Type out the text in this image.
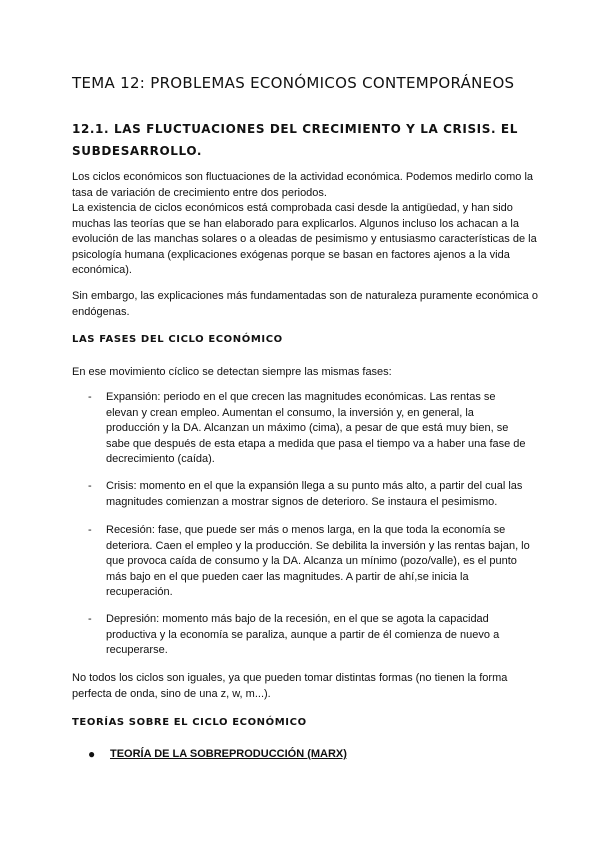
TEMA 12: PROBLEMAS ECONÓMICOS CONTEMPORÁNEOS
12.1. LAS FLUCTUACIONES DEL CRECIMIENTO Y LA CRISIS. EL SUBDESARROLLO.

Los ciclos económicos son fluctuaciones de la actividad económica. Podemos medirlo como la tasa de variación de crecimiento entre dos periodos.

La existencia de ciclos económicos está comprobada casi desde la antigüedad, y han sido muchas las teorías que se han elaborado para explicarlos. Algunos incluso los achacan a la evolución de las manchas solares o a oleadas de pesimismo y entusiasmo características de la psicología humana (explicaciones exógenas porque se basan en factores ajenos a la vida económica).

Sin embargo, las explicaciones más fundamentadas son de naturaleza puramente económica o endógenas.
LAS FASES DEL CICLO ECONÓMICO
En ese movimiento cíclico se detectan siempre las mismas fases:
- Expansión: periodo en el que crecen las magnitudes económicas. Las rentas se elevan y crean empleo. Aumentan el consumo, la inversión y, en general, la producción y la DA. Alcanzan un máximo (cima), a pesar de que está muy bien, se sabe que después de esta etapa a medida que pasa el tiempo va a haber una fase de decrecimiento (caída).
- Crisis: momento en el que la expansión llega a su punto más alto, a partir del cual las magnitudes comienzan a mostrar signos de deterioro. Se instaura el pesimismo.
- Recesión: fase, que puede ser más o menos larga, en la que toda la economía se deteriora. Caen el empleo y la producción. Se debilita la inversión y las rentas bajan, lo que provoca caída de consumo y la DA. Alcanza un mínimo (pozo/valle), es el punto más bajo en el que pueden caer las magnitudes. A partir de ahí,se inicia la recuperación.
- Depresión: momento más bajo de la recesión, en el que se agota la capacidad productiva y la economía se paraliza, aunque a partir de él comienza de nuevo a recuperarse.
No todos los ciclos son iguales, ya que pueden tomar distintas formas (no tienen la forma perfecta de onda, sino de una z, w, m...).
TEORÍAS SOBRE EL CICLO ECONÓMICO
● TEORÍA DE LA SOBREPRODUCCIÓN (MARX)
